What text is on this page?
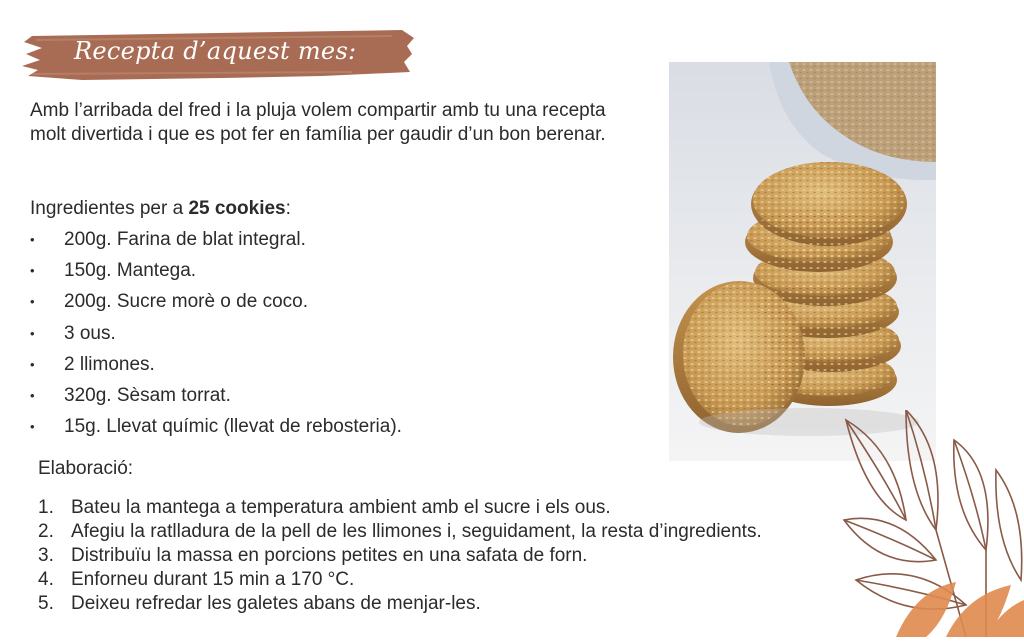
Recepta d’aquest mes:

Amb l’arribada del fred i la pluja volem compartir amb tu una recepta molt divertida i que es pot fer en família per gaudir d’un bon berenar.

Ingredientes per a 25 cookies:
• 200g. Farina de blat integral.
• 150g. Mantega.
• 200g. Sucre morè o de coco.
• 3 ous.
• 2 llimones.
• 320g. Sèsam torrat.
• 15g. Llevat químic (llevat de rebosteria).
Elaboració:
1. Bateu la mantega a temperatura ambient amb el sucre i els ous.
2. Afegiu la ratlladura de la pell de les llimones i, seguidament, la resta d’ingredients.
3. Distribuïu la massa en porcions petites en una safata de forn.
4. Enforneu durant 15 min a 170 °C.
5. Deixeu refredar les galetes abans de menjar-les.
